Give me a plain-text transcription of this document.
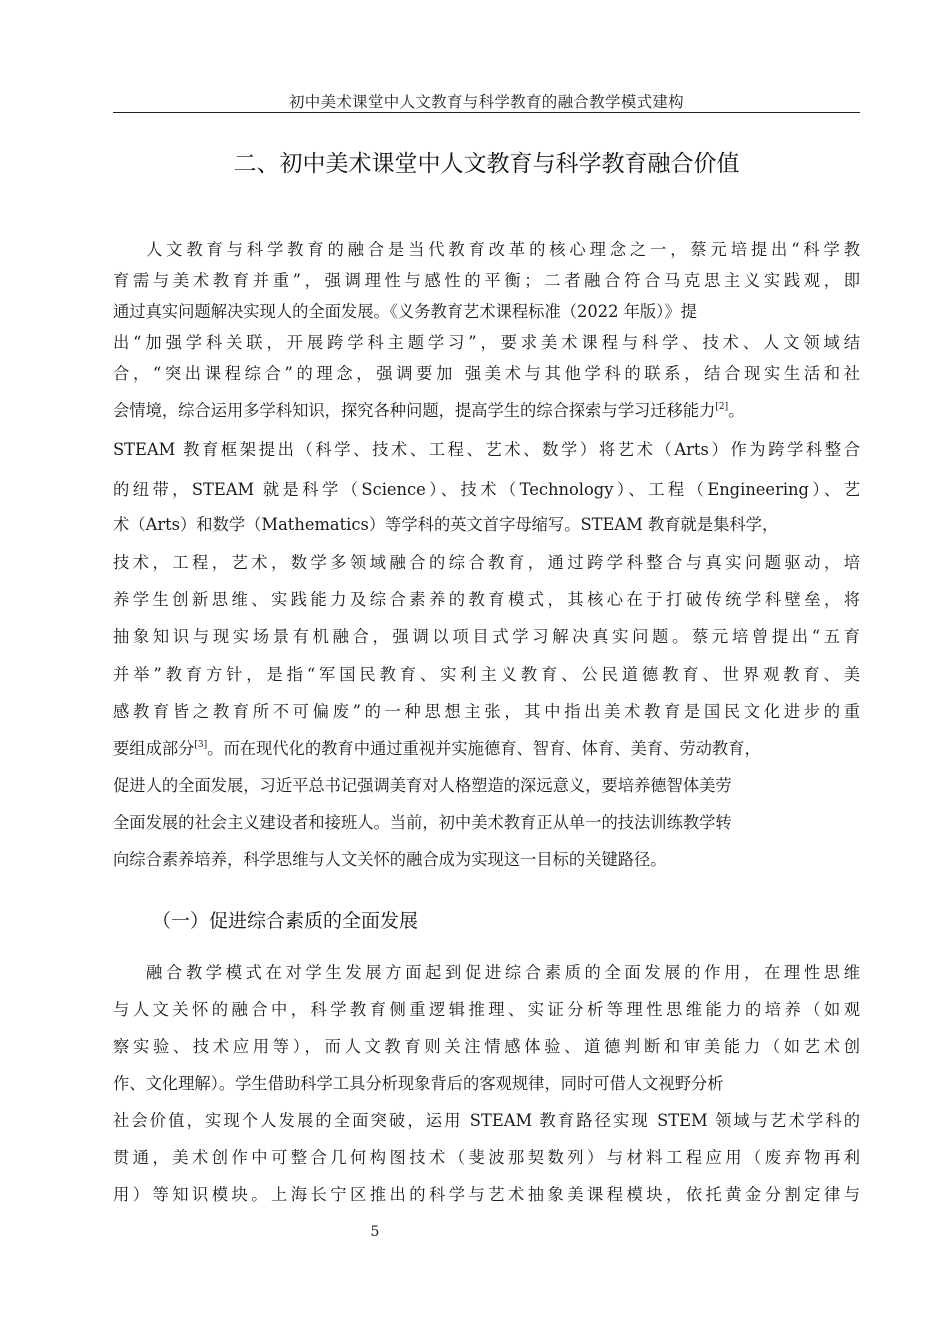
初中美术课堂中人文教育与科学教育的融合教学模式建构
二、初中美术课堂中人文教育与科学教育融合价值
人文教育与科学教育的融合是当代教育改革的核心理念之一，蔡元培提出“科学教
育需与美术教育并重”，强调理性与感性的平衡；二者融合符合马克思主义实践观，即
通过真实问题解决实现人的全面发展。《义务教育艺术课程标准（2022 年版）》提
出“加强学科关联，开展跨学科主题学习”，要求美术课程与科学、技术、人文领域结
合，“突出课程综合”的理念，强调要加 强美术与其他学科的联系，结合现实生活和社
会情境，综合运用多学科知识，探究各种问题，提高学生的综合探索与学习迁移能力[2]。
STEAM 教育框架提出（科学、技术、工程、艺术、数学）将艺术（Arts）作为跨学科整合
的纽带，STEAM 就是科学（Science）、技术（Technology）、工程（Engineering）、艺
术（Arts）和数学（Mathematics）等学科的英文首字母缩写。STEAM 教育就是集科学，
技术，工程，艺术，数学多领域融合的综合教育，通过跨学科整合与真实问题驱动，培
养学生创新思维、实践能力及综合素养的教育模式，其核心在于打破传统学科壁垒，将
抽象知识与现实场景有机融合，强调以项目式学习解决真实问题。蔡元培曾提出“五育
并举”教育方针，是指“军国民教育、实利主义教育、公民道德教育、世界观教育、美
感教育皆之教育所不可偏废”的一种思想主张，其中指出美术教育是国民文化进步的重
要组成部分[3]。而在现代化的教育中通过重视并实施德育、智育、体育、美育、劳动教育，
促进人的全面发展，习近平总书记强调美育对人格塑造的深远意义，要培养德智体美劳
全面发展的社会主义建设者和接班人。当前，初中美术教育正从单一的技法训练教学转
向综合素养培养，科学思维与人文关怀的融合成为实现这一目标的关键路径。
（一）促进综合素质的全面发展
融合教学模式在对学生发展方面起到促进综合素质的全面发展的作用，在理性思维
与人文关怀的融合中，科学教育侧重逻辑推理、实证分析等理性思维能力的培养（如观
察实验、技术应用等），而人文教育则关注情感体验、道德判断和审美能力（如艺术创
作、文化理解）。学生借助科学工具分析现象背后的客观规律，同时可借人文视野分析
社会价值，实现个人发展的全面突破，运用 STEAM 教育路径实现 STEM 领域与艺术学科的
贯通，美术创作中可整合几何构图技术（斐波那契数列）与材料工程应用（废弃物再利
用）等知识模块。上海长宁区推出的科学与艺术抽象美课程模块，依托黄金分割定律与
5
